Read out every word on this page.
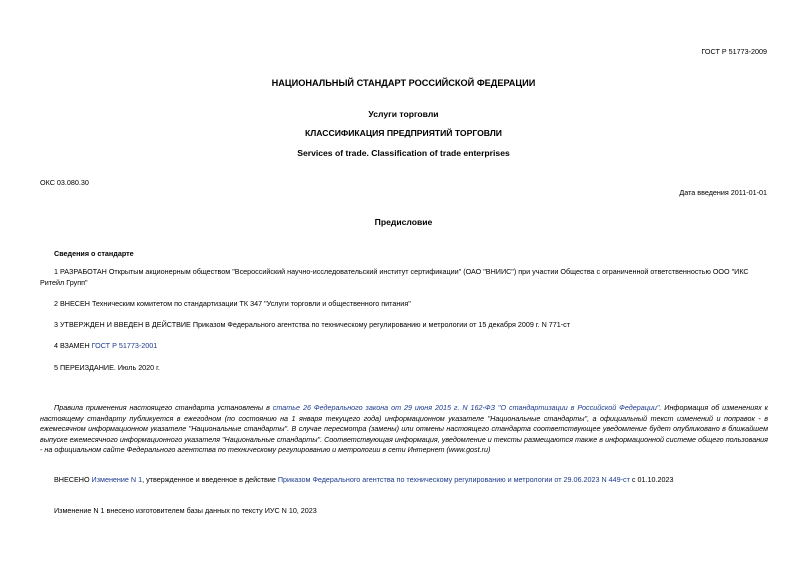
ГОСТ Р 51773-2009
НАЦИОНАЛЬНЫЙ СТАНДАРТ РОССИЙСКОЙ ФЕДЕРАЦИИ
Услуги торговли
КЛАССИФИКАЦИЯ ПРЕДПРИЯТИЙ ТОРГОВЛИ
Services of trade. Classification of trade enterprises
ОКС 03.080.30
Дата введения 2011-01-01
Предисловие
Сведения о стандарте
1 РАЗРАБОТАН Открытым акционерным обществом "Всероссийский научно-исследовательский институт сертификации" (ОАО "ВНИИС") при участии Общества с ограниченной ответственностью ООО "ИКС Ритейл Групп"
2 ВНЕСЕН Техническим комитетом по стандартизации ТК 347 "Услуги торговли и общественного питания"
3 УТВЕРЖДЕН И ВВЕДЕН В ДЕЙСТВИЕ Приказом Федерального агентства по техническому регулированию и метрологии от 15 декабря 2009 г. N 771-ст
4 ВЗАМЕН ГОСТ Р 51773-2001
5 ПЕРЕИЗДАНИЕ. Июль 2020 г.
Правила применения настоящего стандарта установлены в статье 26 Федерального закона от 29 июня 2015 г. N 162-ФЗ "О стандартизации в Российской Федерации". Информация об изменениях к настоящему стандарту публикуется в ежегодном (по состоянию на 1 января текущего года) информационном указателе "Национальные стандарты", а официальный текст изменений и поправок - в ежемесячном информационном указателе "Национальные стандарты". В случае пересмотра (замены) или отмены настоящего стандарта соответствующее уведомление будет опубликовано в ближайшем выпуске ежемесячного информационного указателя "Национальные стандарты". Соответствующая информация, уведомление и тексты размещаются также в информационной системе общего пользования - на официальном сайте Федерального агентства по техническому регулированию и метрологии в сети Интернет (www.gost.ru)
ВНЕСЕНО Изменение N 1, утвержденное и введенное в действие Приказом Федерального агентства по техническому регулированию и метрологии от 29.06.2023 N 449-ст с 01.10.2023
Изменение N 1 внесено изготовителем базы данных по тексту ИУС N 10, 2023
